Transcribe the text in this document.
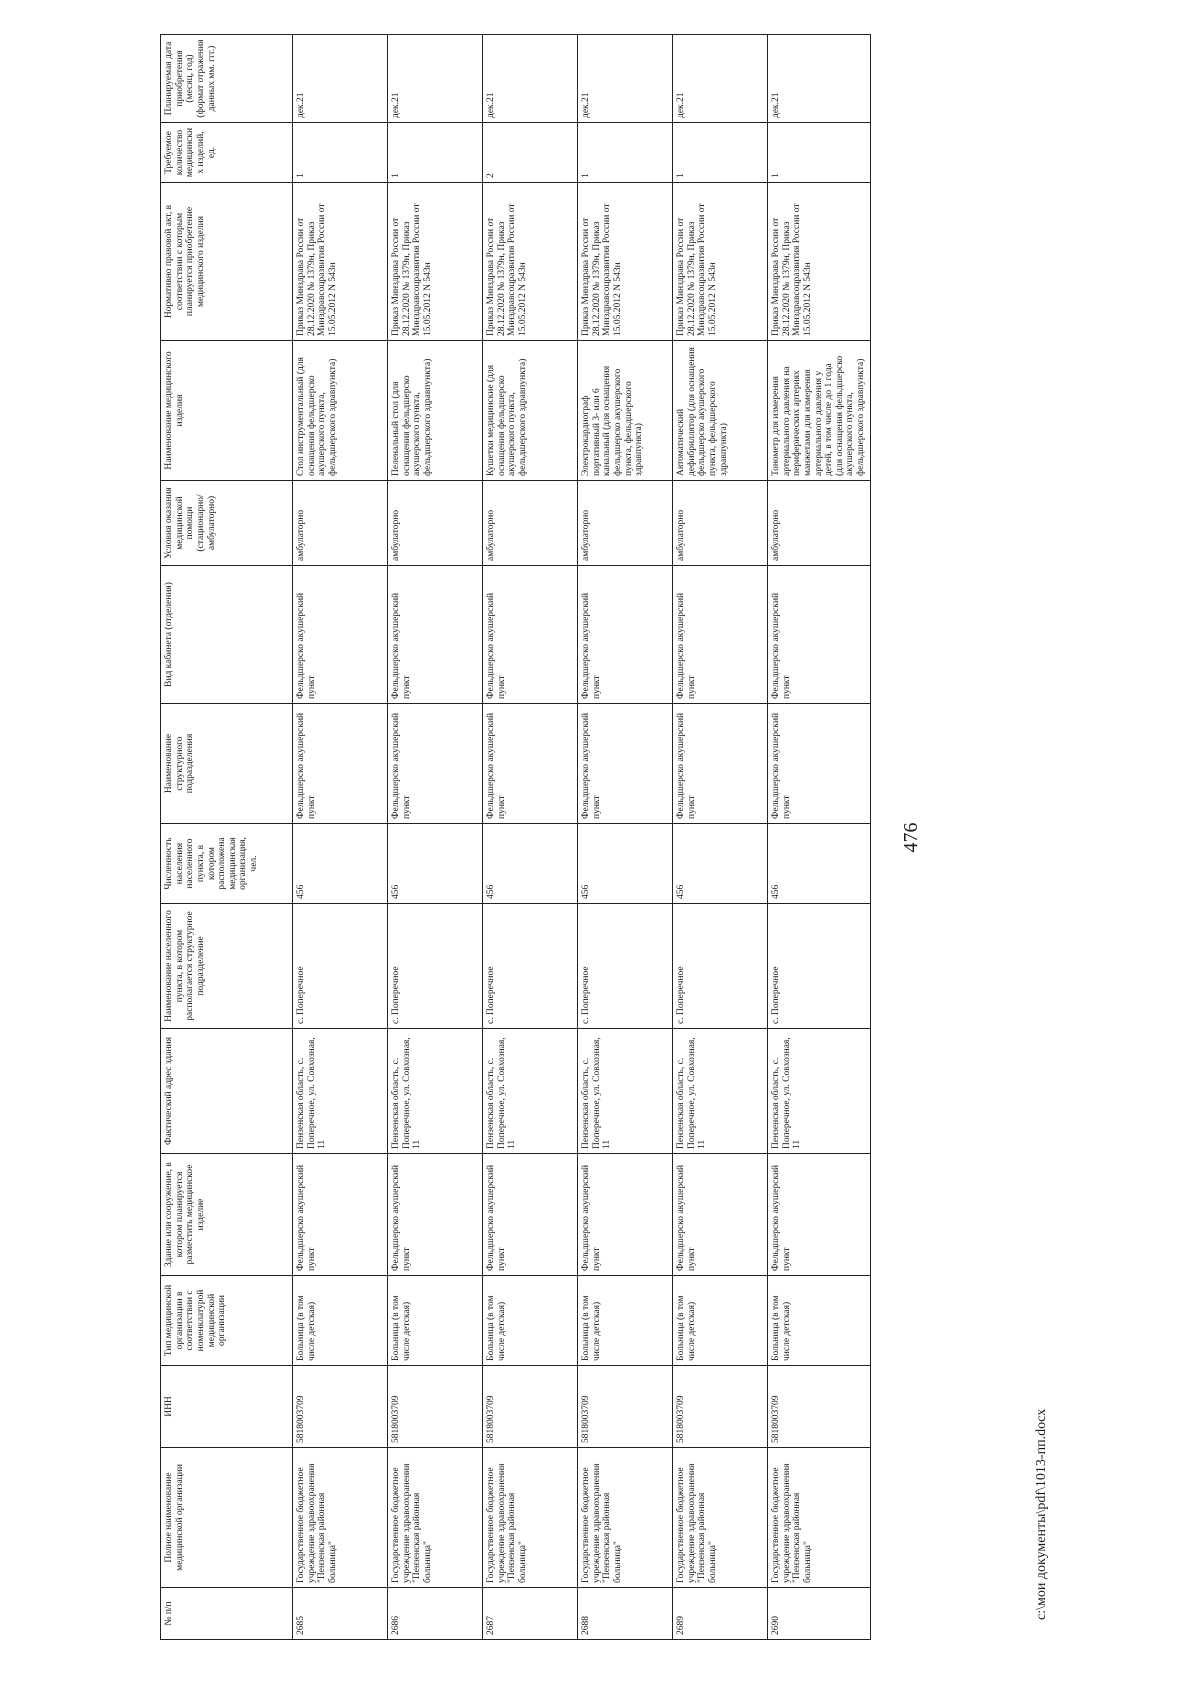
№ п/п	Полное наименование медицинской организации	ИНН	Тип медицинской организации в соответствии с номенклатурой медицинской организации	Здание или сооружение, в котором планируется разместить медицинское изделие	Фактический адрес здания	Наименование населенного пункта, в котором располагается структурное подразделение	Численность населения населенного пункта, в котором расположена медицинская организация, чел.	Наименование структурного подразделения	Вид кабинета (отделения)	Условия оказания медицинской помощи (стационарно/ амбулаторно)	Наименование медицинского изделия	Нормативно правовой акт, в соответствии с которым планируется приобретение медицинского изделия	Требуемое количество медицинских изделий, ед.	Планируемая дата приобретения (месяц, год) (формат отражения данных мм. ггг.)
2685	Государственное бюджетное учреждение здравоохранения "Пензенская районная больница"	5818003709	Больница (в том числе детская)	Фельдшерско акушерский пункт	Пензенская область, с. Поперечное, ул. Совхозная, 11	с. Поперечное	456	Фельдшерско акушерский пункт	Фельдшерско акушерский пункт	амбулаторно	Стол инструментальный (для оснащения фельдшерско акушерского пункта, фельдшерского здравпункта)	Приказ Минздрава России от 28.12.2020 № 1379н, Приказ Минздравсоцразвития России от 15.05.2012 N 543н	1	дек.21
2686	Государственное бюджетное учреждение здравоохранения "Пензенская районная больница"	5818003709	Больница (в том числе детская)	Фельдшерско акушерский пункт	Пензенская область, с. Поперечное, ул. Совхозная, 11	с. Поперечное	456	Фельдшерско акушерский пункт	Фельдшерско акушерский пункт	амбулаторно	Пеленальный стол (для оснащения фельдшерско акушерского пункта, фельдшерского здравпункта)	Приказ Минздрава России от 28.12.2020 № 1379н, Приказ Минздравсоцразвития России от 15.05.2012 N 543н	1	дек.21
2687	Государственное бюджетное учреждение здравоохранения "Пензенская районная больница"	5818003709	Больница (в том числе детская)	Фельдшерско акушерский пункт	Пензенская область, с. Поперечное, ул. Совхозная, 11	с. Поперечное	456	Фельдшерско акушерский пункт	Фельдшерско акушерский пункт	амбулаторно	Кушетки медицинские (для оснащения фельдшерско акушерского пункта, фельдшерского здравпункта)	Приказ Минздрава России от 28.12.2020 № 1379н, Приказ Минздравсоцразвития России от 15.05.2012 N 543н	2	дек.21
2688	Государственное бюджетное учреждение здравоохранения "Пензенская районная больница"	5818003709	Больница (в том числе детская)	Фельдшерско акушерский пункт	Пензенская область, с. Поперечное, ул. Совхозная, 11	с. Поперечное	456	Фельдшерско акушерский пункт	Фельдшерско акушерский пункт	амбулаторно	Электрокардиограф портативный 3- или 6 канальный (для оснащения фельдшерско акушерского пункта, фельдшерского здравпункта)	Приказ Минздрава России от 28.12.2020 № 1379н, Приказ Минздравсоцразвития России от 15.05.2012 N 543н	1	дек.21
2689	Государственное бюджетное учреждение здравоохранения "Пензенская районная больница"	5818003709	Больница (в том числе детская)	Фельдшерско акушерский пункт	Пензенская область, с. Поперечное, ул. Совхозная, 11	с. Поперечное	456	Фельдшерско акушерский пункт	Фельдшерско акушерский пункт	амбулаторно	Автоматический дефибриллятор (для оснащения фельдшерско акушерского пункта, фельдшерского здравпункта)	Приказ Минздрава России от 28.12.2020 № 1379н, Приказ Минздравсоцразвития России от 15.05.2012 N 543н	1	дек.21
2690	Государственное бюджетное учреждение здравоохранения "Пензенская районная больница"	5818003709	Больница (в том числе детская)	Фельдшерско акушерский пункт	Пензенская область, с. Поперечное, ул. Совхозная, 11	с. Поперечное	456	Фельдшерско акушерский пункт	Фельдшерско акушерский пункт	амбулаторно	Тонометр для измерения артериального давления на периферических артериях манжетами для измерения артериального давления у детей, в том числе до 1 года (для оснащения фельдшерско акушерского пункта, фельдшерского здравпункта)	Приказ Минздрава России от 28.12.2020 № 1379н, Приказ Минздравсоцразвития России от 15.05.2012 N 543н	1	дек.21
476
c:\мои документы\pdf\1013-пп.docx
